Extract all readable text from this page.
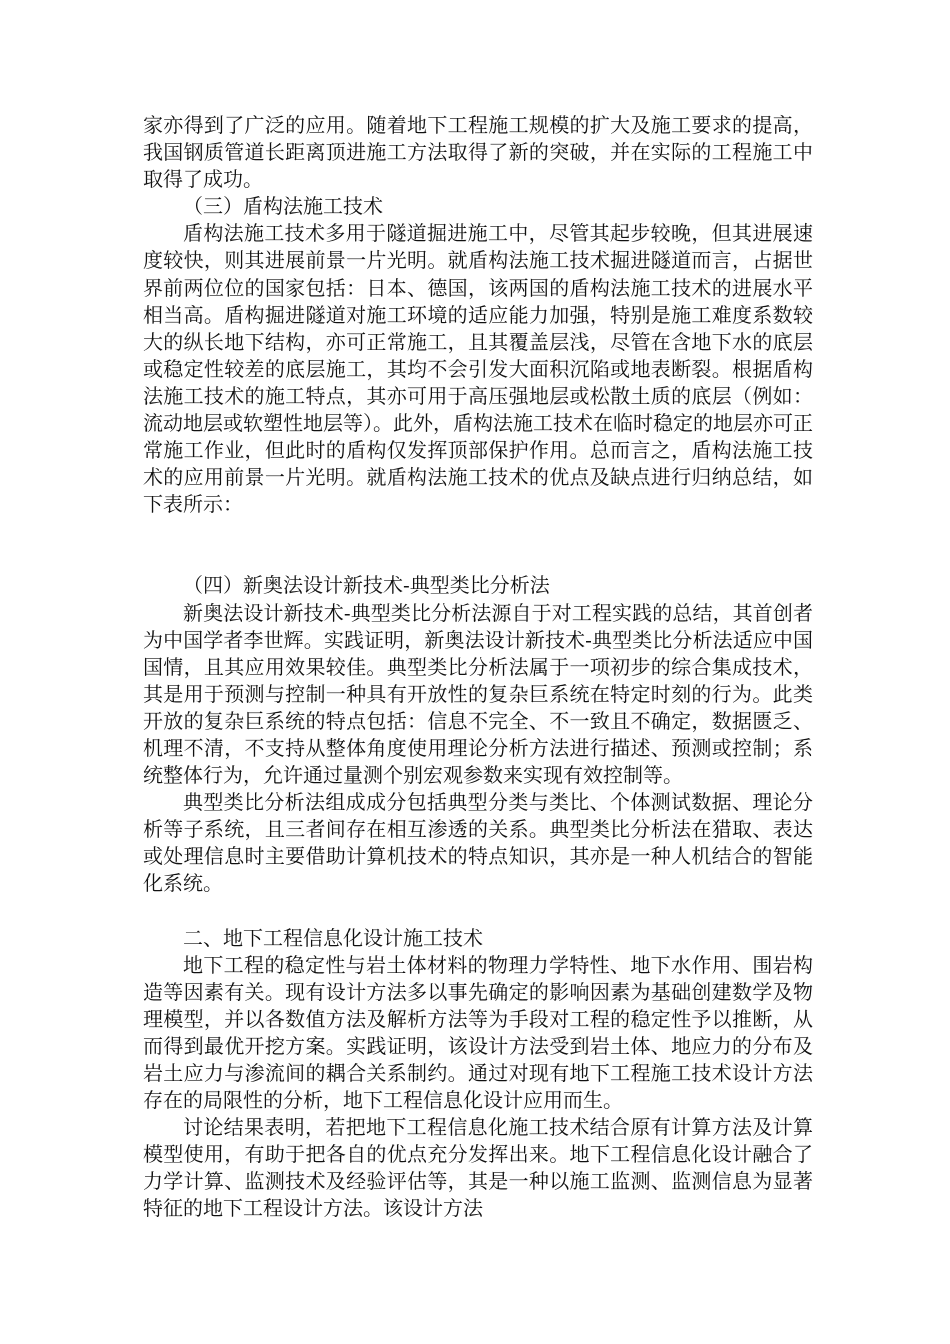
家亦得到了广泛的应用。随着地下工程施工规模的扩大及施工要求的提高，我国钢质管道长距离顶进施工方法取得了新的突破，并在实际的工程施工中取得了成功。

（三）盾构法施工技术

盾构法施工技术多用于隧道掘进施工中，尽管其起步较晚，但其进展速度较快，则其进展前景一片光明。就盾构法施工技术掘进隧道而言，占据世界前两位位的国家包括：日本、德国，该两国的盾构法施工技术的进展水平相当高。盾构掘进隧道对施工环境的适应能力加强，特别是施工难度系数较大的纵长地下结构，亦可正常施工，且其覆盖层浅，尽管在含地下水的底层或稳定性较差的底层施工，其均不会引发大面积沉陷或地表断裂。根据盾构法施工技术的施工特点，其亦可用于高压强地层或松散土质的底层（例如：流动地层或软塑性地层等）。此外，盾构法施工技术在临时稳定的地层亦可正常施工作业，但此时的盾构仅发挥顶部保护作用。总而言之，盾构法施工技术的应用前景一片光明。就盾构法施工技术的优点及缺点进行归纳总结，如下表所示：

（四）新奥法设计新技术-典型类比分析法

新奥法设计新技术-典型类比分析法源自于对工程实践的总结，其首创者为中国学者李世辉。实践证明，新奥法设计新技术-典型类比分析法适应中国国情，且其应用效果较佳。典型类比分析法属于一项初步的综合集成技术，其是用于预测与控制一种具有开放性的复杂巨系统在特定时刻的行为。此类开放的复杂巨系统的特点包括：信息不完全、不一致且不确定，数据匮乏、机理不清，不支持从整体角度使用理论分析方法进行描述、预测或控制；系统整体行为，允许通过量测个别宏观参数来实现有效控制等。

典型类比分析法组成成分包括典型分类与类比、个体测试数据、理论分析等子系统，且三者间存在相互渗透的关系。典型类比分析法在猎取、表达或处理信息时主要借助计算机技术的特点知识，其亦是一种人机结合的智能化系统。

二、地下工程信息化设计施工技术

地下工程的稳定性与岩土体材料的物理力学特性、地下水作用、围岩构造等因素有关。现有设计方法多以事先确定的影响因素为基础创建数学及物理模型，并以各数值方法及解析方法等为手段对工程的稳定性予以推断，从而得到最优开挖方案。实践证明，该设计方法受到岩土体、地应力的分布及岩土应力与渗流间的耦合关系制约。通过对现有地下工程施工技术设计方法存在的局限性的分析，地下工程信息化设计应用而生。

讨论结果表明，若把地下工程信息化施工技术结合原有计算方法及计算模型使用，有助于把各自的优点充分发挥出来。地下工程信息化设计融合了力学计算、监测技术及经验评估等，其是一种以施工监测、监测信息为显著特征的地下工程设计方法。该设计方法
